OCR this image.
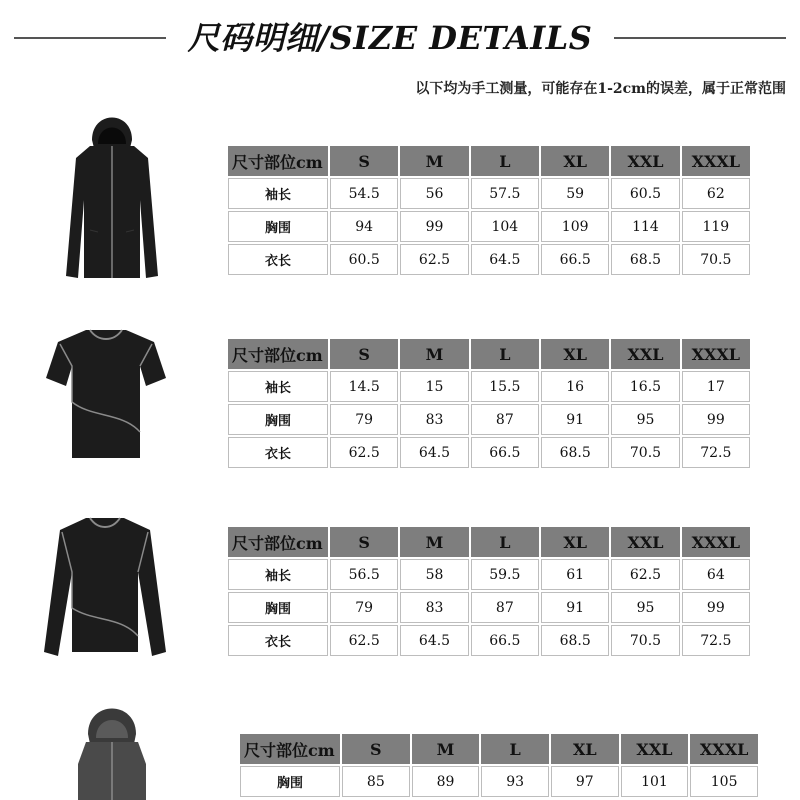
尺码明细/SIZE DETAILS
以下均为手工测量，可能存在1-2cm的误差，属于正常范围
尺寸部位cm	S	M	L	XL	XXL	XXXL
袖长	54.5	56	57.5	59	60.5	62
胸围	94	99	104	109	114	119
衣长	60.5	62.5	64.5	66.5	68.5	70.5
尺寸部位cm	S	M	L	XL	XXL	XXXL
袖长	14.5	15	15.5	16	16.5	17
胸围	79	83	87	91	95	99
衣长	62.5	64.5	66.5	68.5	70.5	72.5
尺寸部位cm	S	M	L	XL	XXL	XXXL
袖长	56.5	58	59.5	61	62.5	64
胸围	79	83	87	91	95	99
衣长	62.5	64.5	66.5	68.5	70.5	72.5
尺寸部位cm	S	M	L	XL	XXL	XXXL
胸围	85	89	93	97	101	105
